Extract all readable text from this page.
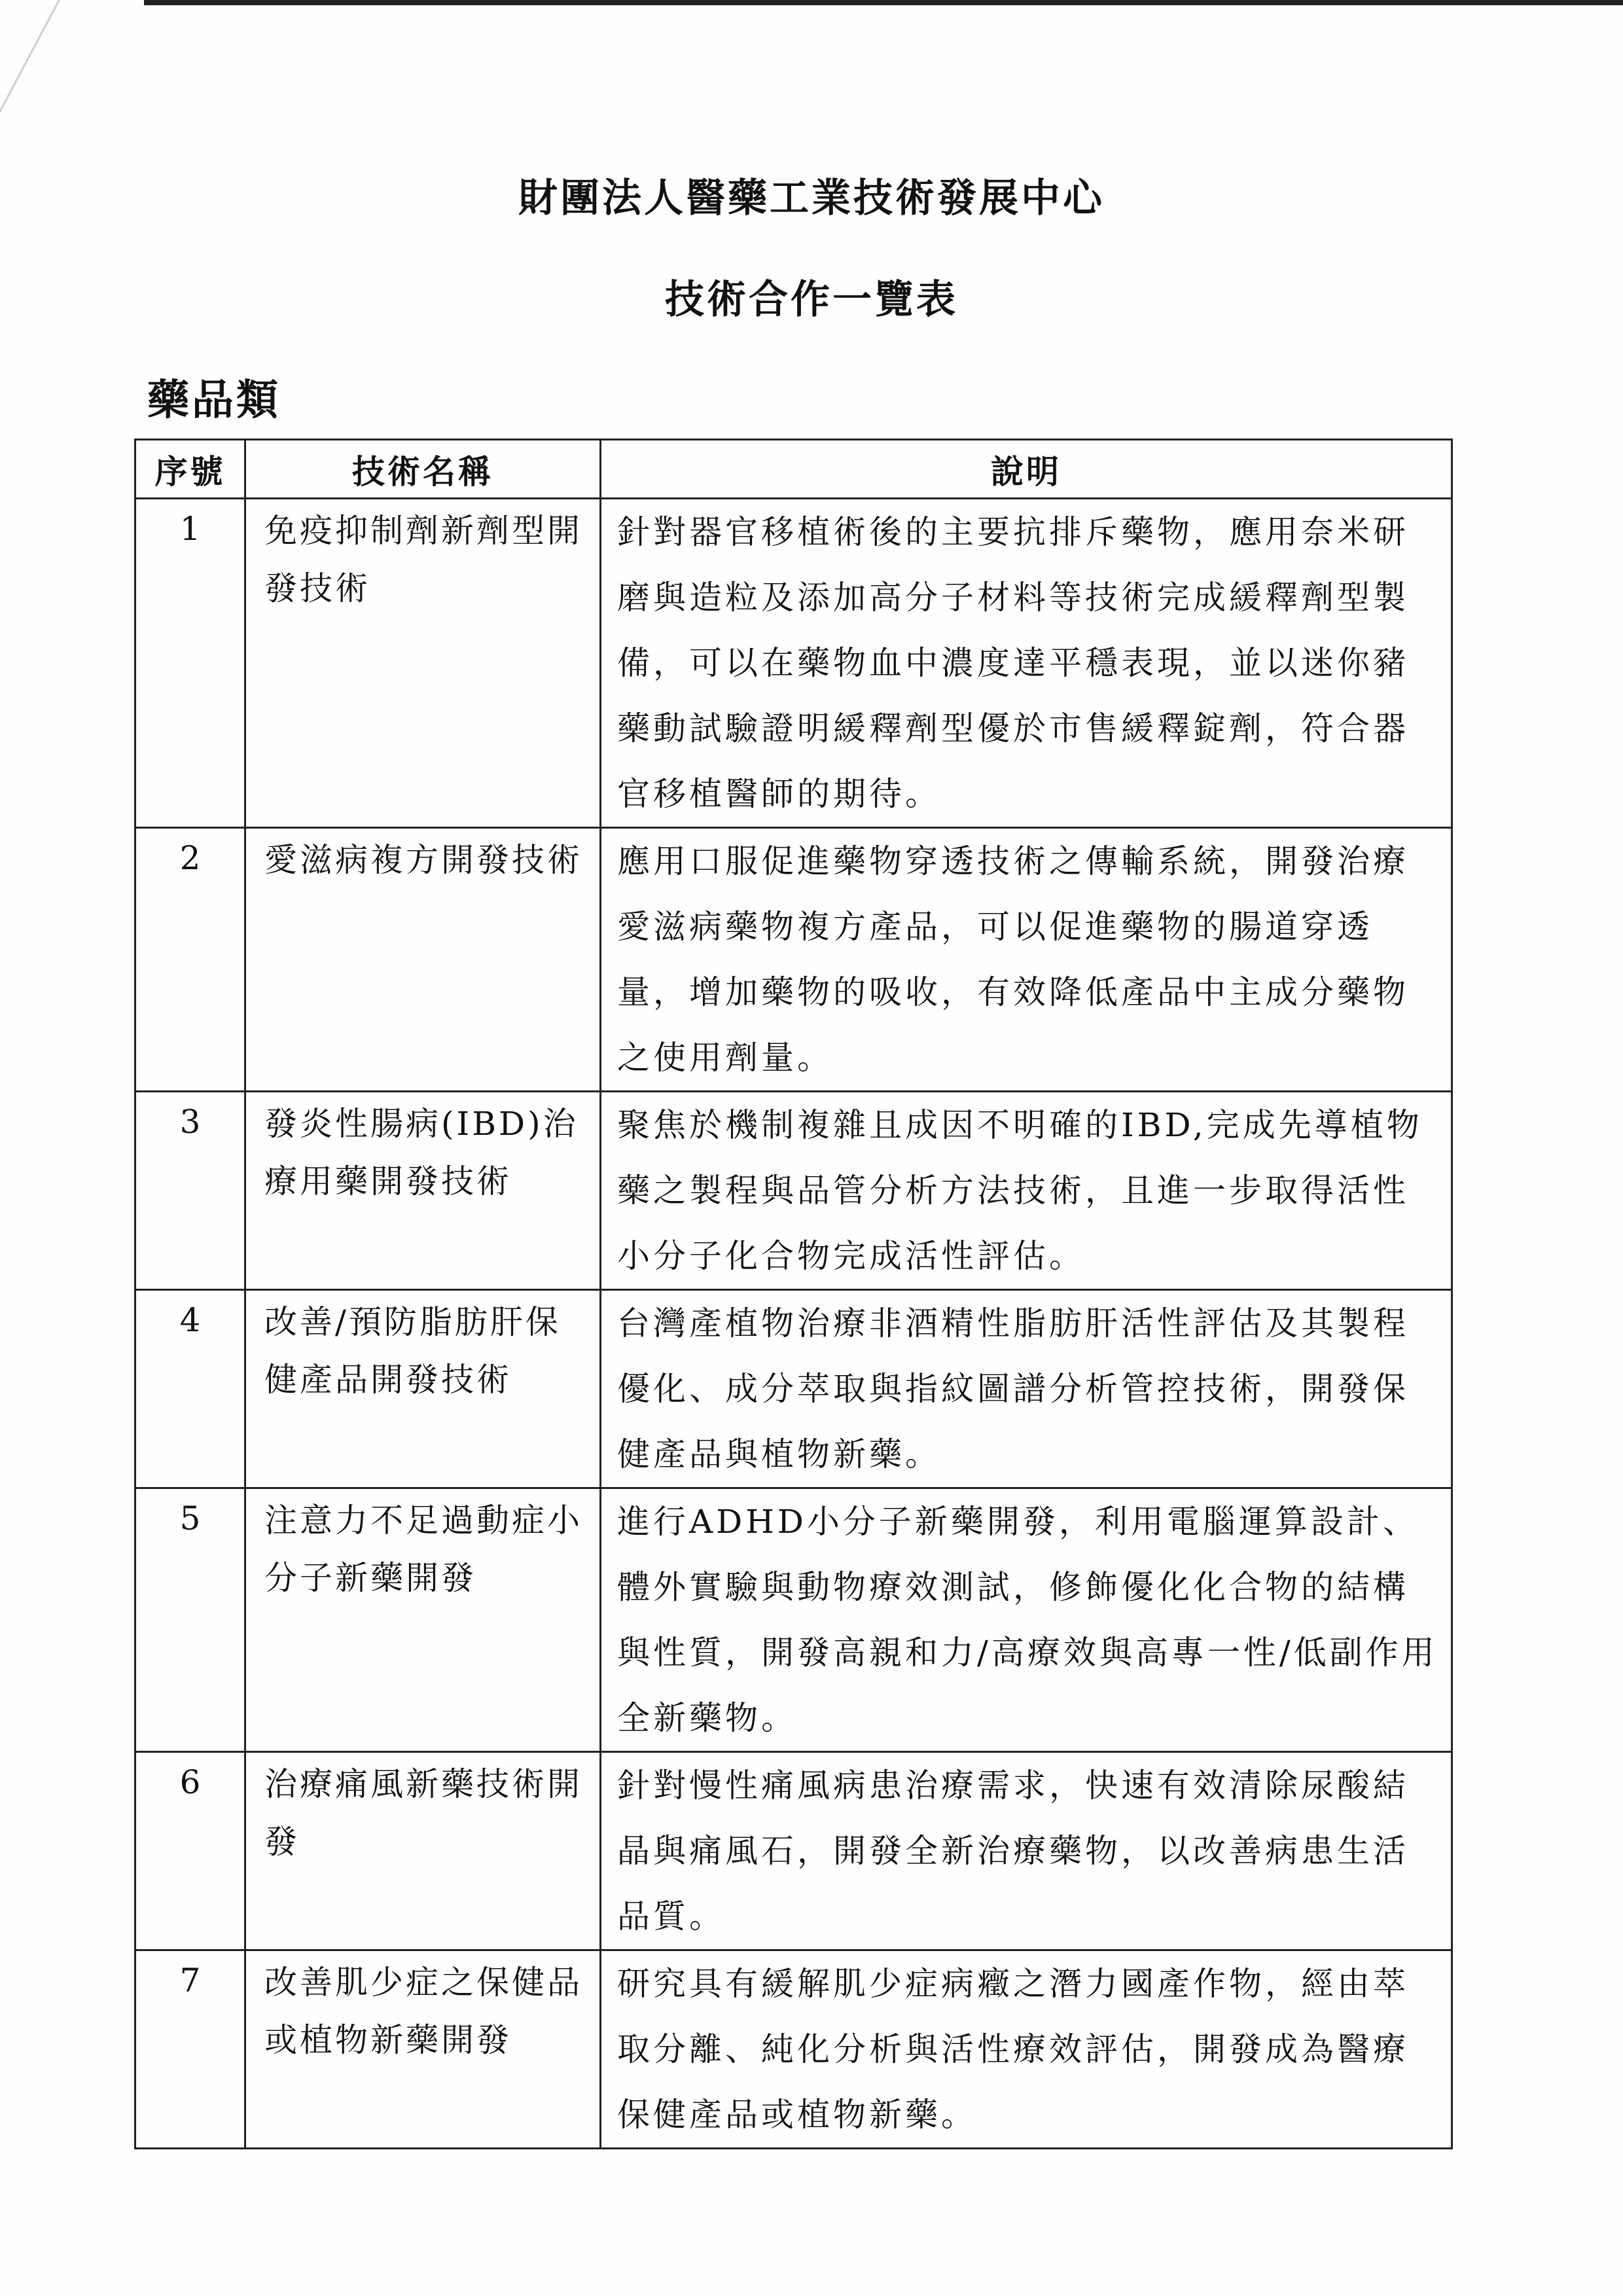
財團法人醫藥工業技術發展中心
技術合作一覽表
藥品類
序號	技術名稱	說明
1	免疫抑制劑新劑型開發技術	針對器官移植術後的主要抗排斥藥物，應用奈米研磨與造粒及添加高分子材料等技術完成緩釋劑型製備，可以在藥物血中濃度達平穩表現，並以迷你豬藥動試驗證明緩釋劑型優於市售緩釋錠劑，符合器官移植醫師的期待。
2	愛滋病複方開發技術	應用口服促進藥物穿透技術之傳輸系統，開發治療愛滋病藥物複方產品，可以促進藥物的腸道穿透量，增加藥物的吸收，有效降低產品中主成分藥物之使用劑量。
3	發炎性腸病(IBD)治療用藥開發技術	聚焦於機制複雜且成因不明確的IBD,完成先導植物藥之製程與品管分析方法技術，且進一步取得活性小分子化合物完成活性評估。
4	改善/預防脂肪肝保健產品開發技術	台灣產植物治療非酒精性脂肪肝活性評估及其製程優化、成分萃取與指紋圖譜分析管控技術，開發保健產品與植物新藥。
5	注意力不足過動症小分子新藥開發	進行ADHD小分子新藥開發，利用電腦運算設計、體外實驗與動物療效測試，修飾優化化合物的結構與性質，開發高親和力/高療效與高專一性/低副作用全新藥物。
6	治療痛風新藥技術開發	針對慢性痛風病患治療需求，快速有效清除尿酸結晶與痛風石，開發全新治療藥物，以改善病患生活品質。
7	改善肌少症之保健品或植物新藥開發	研究具有緩解肌少症病癥之潛力國產作物，經由萃取分離、純化分析與活性療效評估，開發成為醫療保健產品或植物新藥。
